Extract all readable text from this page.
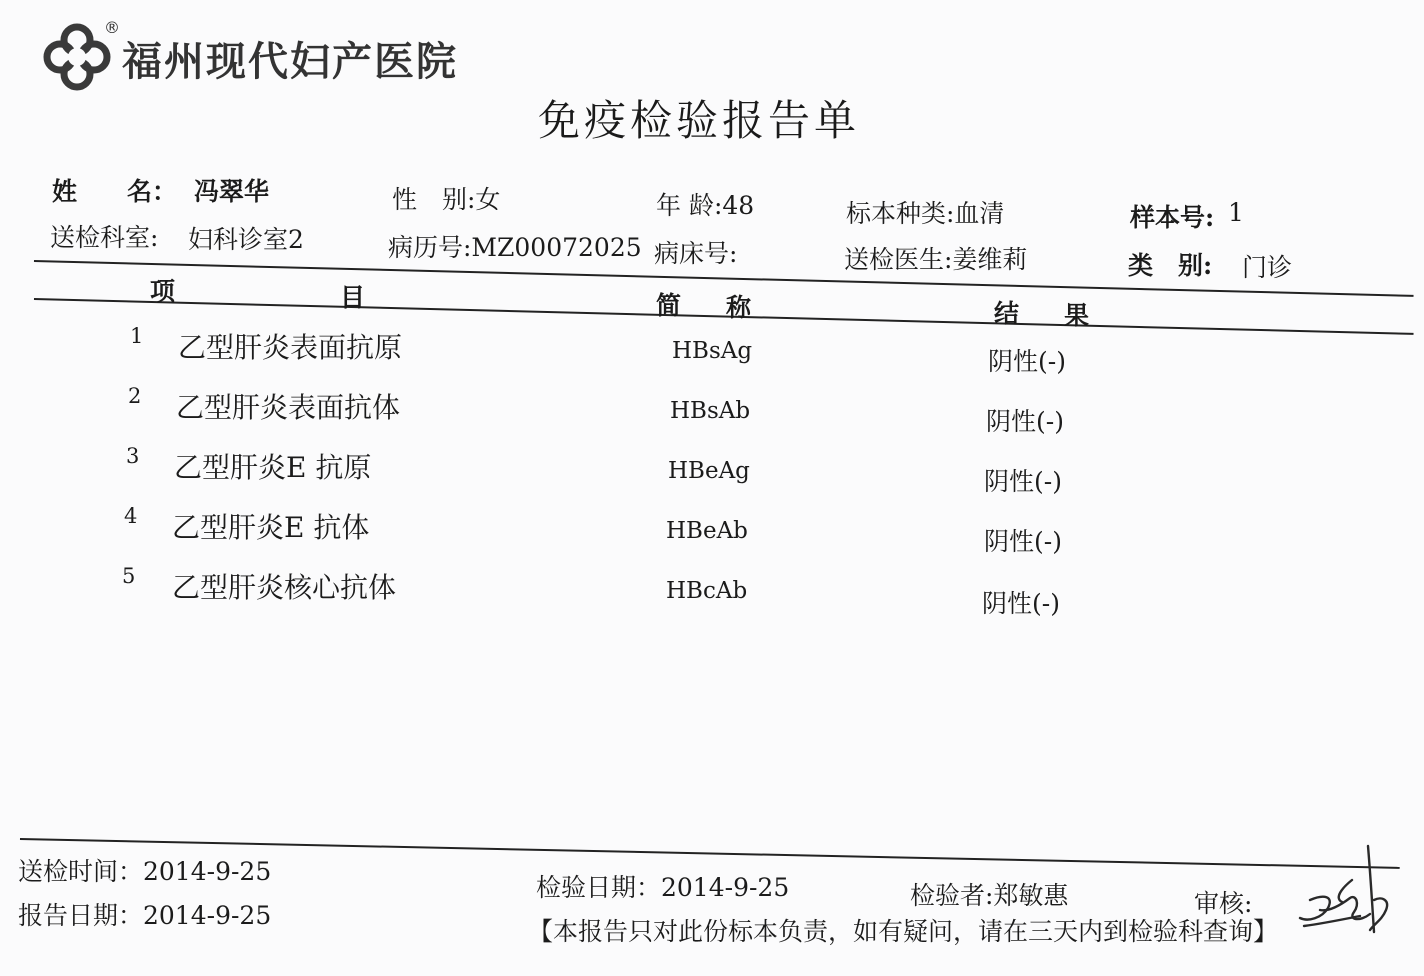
®
福州现代妇产医院
免疫检验报告单
姓　　名： 冯翠华	性　别:女	年 龄:48	标本种类:血清	样本号: 1
送检科室: 妇科诊室2	病历号:MZ00072025 病床号:	送检医生:姜维莉	类　别: 门诊
项	目	简 称	结 果
1 乙型肝炎表面抗原	HBsAg	阴性(-)
2 乙型肝炎表面抗体	HBsAb	阴性(-)
3 乙型肝炎E 抗原	HBeAg	阴性(-)
4 乙型肝炎E 抗体	HBeAb	阴性(-)
5 乙型肝炎核心抗体	HBcAb	阴性(-)
送检时间：2014-9-25
报告日期：2014-9-25
检验日期：2014-9-25	检验者:郑敏惠	审核:
【本报告只对此份标本负责，如有疑问，请在三天内到检验科查询】
